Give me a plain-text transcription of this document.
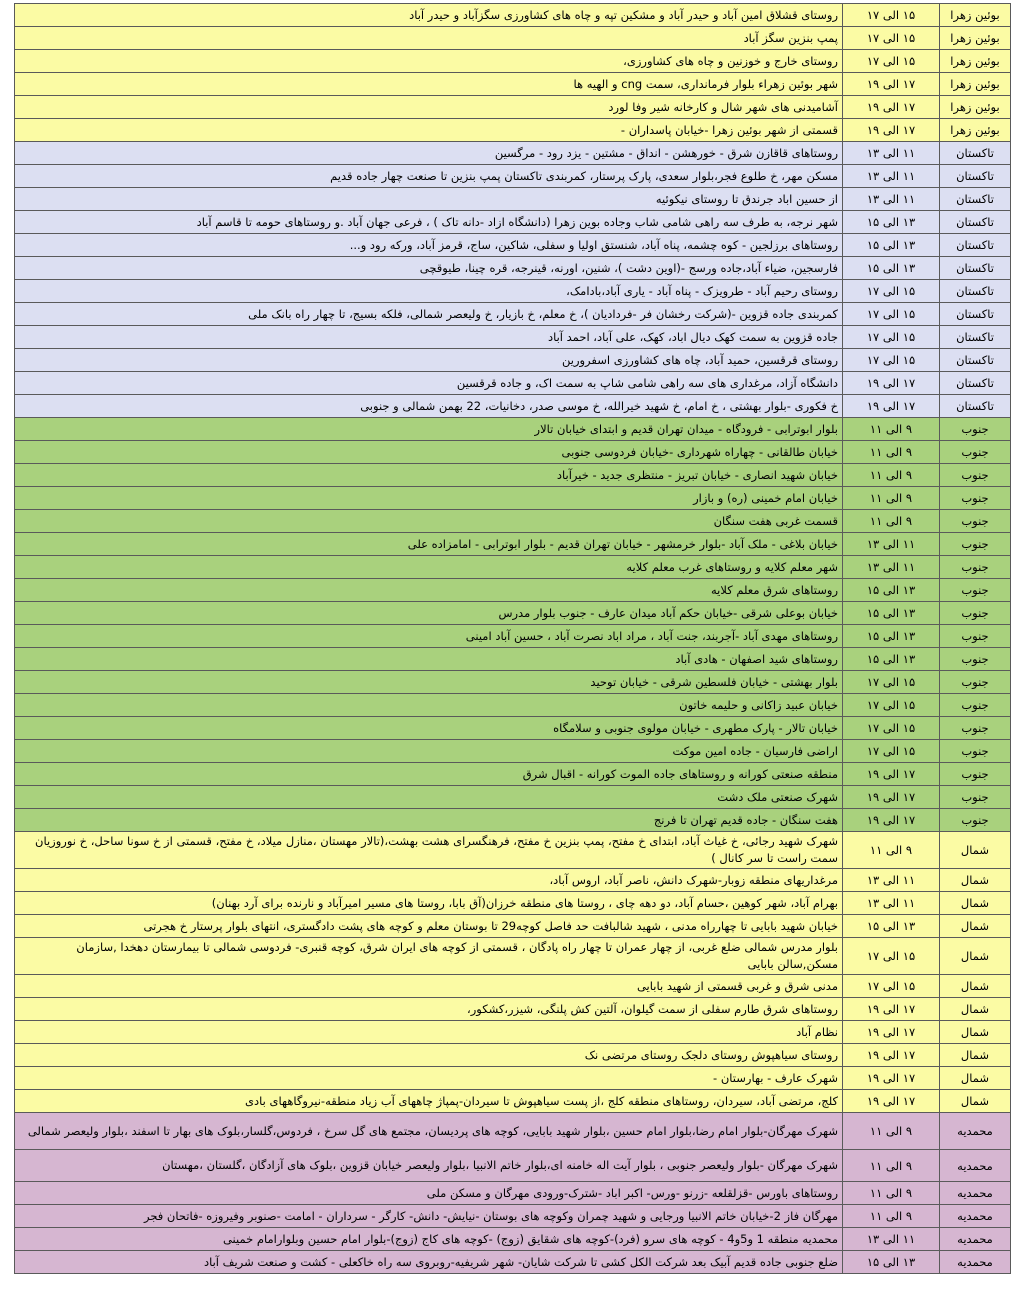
بوئین زهرا	۱۵ الی ۱۷	روستای قشلاق امین آباد و حیدر آباد و مشکین تپه و چاه های کشاورزی سگزآباد و حیدر آباد
بوئین زهرا	۱۵ الی ۱۷	پمپ بنزین سگز آباد
بوئین زهرا	۱۵ الی ۱۷	روستای خارج و خوزنین و چاه های کشاورزی،
بوئین زهرا	۱۷ الی ۱۹	شهر بوئین زهراء بلوار فرمانداری، سمت cng و الهیه ها
بوئین زهرا	۱۷ الی ۱۹	آشامیدنی های شهر شال و کارخانه شیر وفا لورد
بوئین زهرا	۱۷ الی ۱۹	قسمتی از شهر بوئین زهرا -خیابان پاسداران -
تاکستان	۱۱ الی ۱۳	روستاهای قاقازن شرق - خورهشن - انداق - مشتین - یزد رود - مرگسین
تاکستان	۱۱ الی ۱۳	مسکن مهر، خ طلوع فجر،بلوار سعدی، پارک پرستار، کمربندی تاکستان پمپ بنزین تا صنعت چهار جاده قدیم
تاکستان	۱۱ الی ۱۳	از حسین اباد جرندق تا روستای نیکوئیه
تاکستان	۱۳ الی ۱۵	شهر نرجه، به طرف سه راهی شامی شاب وجاده بوین زهرا (دانشگاه ازاد -دانه تاک ) ، فرعی جهان آباد .و روستاهای حومه تا قاسم آباد
تاکستان	۱۳ الی ۱۵	روستاهای برزلجین - کوه چشمه، پناه آباد، شنستق اولیا و سفلی، شاکین، ساج، قرمز آباد، ورکه رود و...
تاکستان	۱۳ الی ۱۵	فارسجین، ضیاء آباد،جاده ورسج -(اوین دشت )، شنین، اورنه، قینرجه، قره چینا، طیوقچی
تاکستان	۱۵ الی ۱۷	روستای رحیم آباد - طرویزک - پناه آباد - یاری آباد،بادامک،
تاکستان	۱۵ الی ۱۷	کمربندی جاده قزوین -(شرکت رخشان فر -فردادیان )، خ معلم، خ بازیار، خ ولیعصر شمالی، فلکه بسیج، تا چهار راه بانک ملی
تاکستان	۱۵ الی ۱۷	جاده قزوین به سمت کهک دیال اباد، کهک، علی آباد، احمد آباد
تاکستان	۱۵ الی ۱۷	روستای قرقسین، حمید آباد، چاه های کشاورزی اسفرورین
تاکستان	۱۷ الی ۱۹	دانشگاه آزاد، مرغداری های سه راهی شامی شاپ به سمت اک، و جاده قرقسین
تاکستان	۱۷ الی ۱۹	خ فکوری -بلوار بهشتی ، خ امام، خ شهید خیرالله، خ موسی صدر، دخانیات، 22 بهمن شمالی و جنوبی
جنوب	۹ الی ۱۱	بلوار ابوترابی - فرودگاه - میدان تهران قدیم و ابتدای خیابان تالار
جنوب	۹ الی ۱۱	خیابان طالقانی - چهاراه شهرداری -خیابان فردوسی جنوبی
جنوب	۹ الی ۱۱	خیابان شهید انصاری - خیابان تبریز - منتظری جدید - خیرآباد
جنوب	۹ الی ۱۱	خیابان امام خمینی (ره) و بازار
جنوب	۹ الی ۱۱	قسمت غربی هفت سنگان
جنوب	۱۱ الی ۱۳	خیابان بلاغی - ملک آباد -بلوار خرمشهر - خیابان تهران قدیم - بلوار ابوترابی - امامزاده علی
جنوب	۱۱ الی ۱۳	شهر معلم کلایه و روستاهای غرب معلم کلایه
جنوب	۱۳ الی ۱۵	روستاهای شرق معلم کلایه
جنوب	۱۳ الی ۱۵	خیابان بوعلی شرقی -خیابان حکم آباد میدان عارف - جنوب بلوار مدرس
جنوب	۱۳ الی ۱۵	روستاهای مهدی آباد -آجربند، جنت آباد ، مراد اباد نصرت آباد ، حسین آباد امینی
جنوب	۱۳ الی ۱۵	روستاهای شید اصفهان - هادی آباد
جنوب	۱۵ الی ۱۷	بلوار بهشتی - خیابان فلسطین شرقی - خیابان توحید
جنوب	۱۵ الی ۱۷	خیابان عبید زاکانی و حلیمه خاتون
جنوب	۱۵ الی ۱۷	خیابان تالار - پارک مطهری - خیابان مولوی جنوبی و سلامگاه
جنوب	۱۵ الی ۱۷	اراضی فارسیان - جاده امین موکت
جنوب	۱۷ الی ۱۹	منطقه صنعتی کورانه و روستاهای جاده الموت کورانه - اقبال شرق
جنوب	۱۷ الی ۱۹	شهرک صنعتی ملک دشت
جنوب	۱۷ الی ۱۹	هفت سنگان - جاده قدیم تهران تا فرنج
شمال	۹ الی ۱۱	شهرک شهید رجائی، خ غیاث آباد، ابتدای خ مفتح، پمپ بنزین خ مفتح، فرهنگسرای هشت بهشت،(تالار مهستان ،منازل میلاد، خ مفتح، قسمتی از خ سونا ساحل، خ نوروزیان سمت راست تا سر کانال )
شمال	۱۱ الی ۱۳	مرغداریهای منطقه زوبار-شهرک دانش، ناصر آباد، اروس آباد،
شمال	۱۱ الی ۱۳	بهرام آباد، شهر کوهین ،حسام آباد، دو دهه چای ، روستا های منطقه خرزان(آق بابا، روستا های مسیر امیرآباد و نارنده برای آرد بهنان)
شمال	۱۳ الی ۱۵	خیابان شهید بابایی تا چهارراه مدنی ، شهید شالبافت حد فاصل کوچه29 تا بوستان معلم و کوچه های پشت دادگستری، انتهای بلوار پرستار خ هجرتی
شمال	۱۵ الی ۱۷	بلوار مدرس شمالی ضلع غربی، از چهار عمران تا چهار راه پادگان ، قسمتی از کوچه های ایران شرق، کوچه قنبری- فردوسی شمالی تا بیمارستان دهخدا ,سازمان مسکن,سالن بابایی
شمال	۱۵ الی ۱۷	مدنی شرق و غربی قسمتی از شهید بابایی
شمال	۱۷ الی ۱۹	روستاهای شرق طارم سفلی از سمت گیلوان، آلتین کش پلنگی، شیزر،کشکور،
شمال	۱۷ الی ۱۹	نظام آباد
شمال	۱۷ الی ۱۹	روستای سیاهپوش روستای دلجک روستای مرتضی نک
شمال	۱۷ الی ۱۹	شهرک عارف - بهارستان -
شمال	۱۷ الی ۱۹	کلج، مرتضی آباد، سیردان، روستاهای منطقه کلج ،از پست سیاهپوش تا سیردان-پمپاژ چاههای آب زیاد منطقه-نیروگاههای بادی
محمدیه	۹ الی ۱۱	شهرک مهرگان-بلوار امام رضا،بلوار امام حسین ،بلوار شهید بابایی، کوچه های پردیسان، مجتمع های گل سرخ ، فردوس،گلسار،بلوک های بهار تا اسفند ،بلوار ولیعصر شمالی
محمدیه	۹ الی ۱۱	شهرک مهرگان -بلوار ولیعصر جنوبی ، بلوار آیت اله خامنه ای،بلوار خاتم الانبیا ،بلوار ولیعصر خیابان قزوین ،بلوک های آزادگان ،گلستان ،مهستان
محمدیه	۹ الی ۱۱	روستاهای باورس -قزلقلعه -زرنو -ورس- اکبر اباد -شترک-ورودی مهرگان و مسکن ملی
محمدیه	۹ الی ۱۱	مهرگان فاز 2-خیابان خاتم الانبیا ورجایی و شهید چمران وکوچه های بوستان -نیایش- دانش- کارگر - سرداران - امامت -صنوبر وفیروزه -فاتحان فجر
محمدیه	۱۱ الی ۱۳	محمدیه منطقه 1 و5و4 - کوچه های سرو (فرد)-کوچه های شقایق (زوج) -کوچه های کاج (زوج)-بلوار امام حسین وبلوارامام خمینی
محمدیه	۱۳ الی ۱۵	ضلع جنوبی جاده قدیم آبیک بعد شرکت الکل کشی تا شرکت شایان- شهر شریفیه-روبروی سه راه خاکعلی - کشت و صنعت شریف آباد
